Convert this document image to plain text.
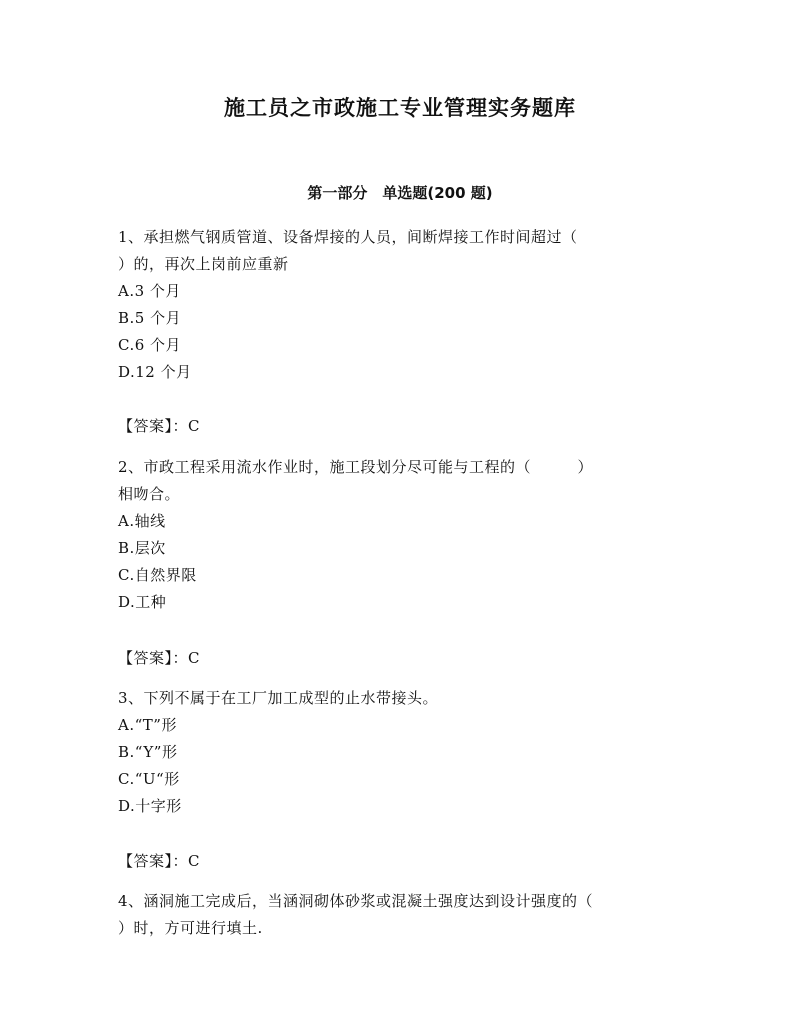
施工员之市政施工专业管理实务题库
第一部分　单选题(200 题)
1、承担燃气钢质管道、设备焊接的人员，间断焊接工作时间超过（
）的，再次上岗前应重新
A.3 个月
B.5 个月
C.6 个月
D.12 个月
【答案】：C
2、市政工程采用流水作业时，施工段划分尽可能与工程的（　　　）
相吻合。
A.轴线
B.层次
C.自然界限
D.工种
【答案】：C
3、下列不属于在工厂加工成型的止水带接头。
A.“T”形
B.“Y”形
C.“U“形
D.十字形
【答案】：C
4、涵洞施工完成后，当涵洞砌体砂浆或混凝土强度达到设计强度的（
）时，方可进行填土.
